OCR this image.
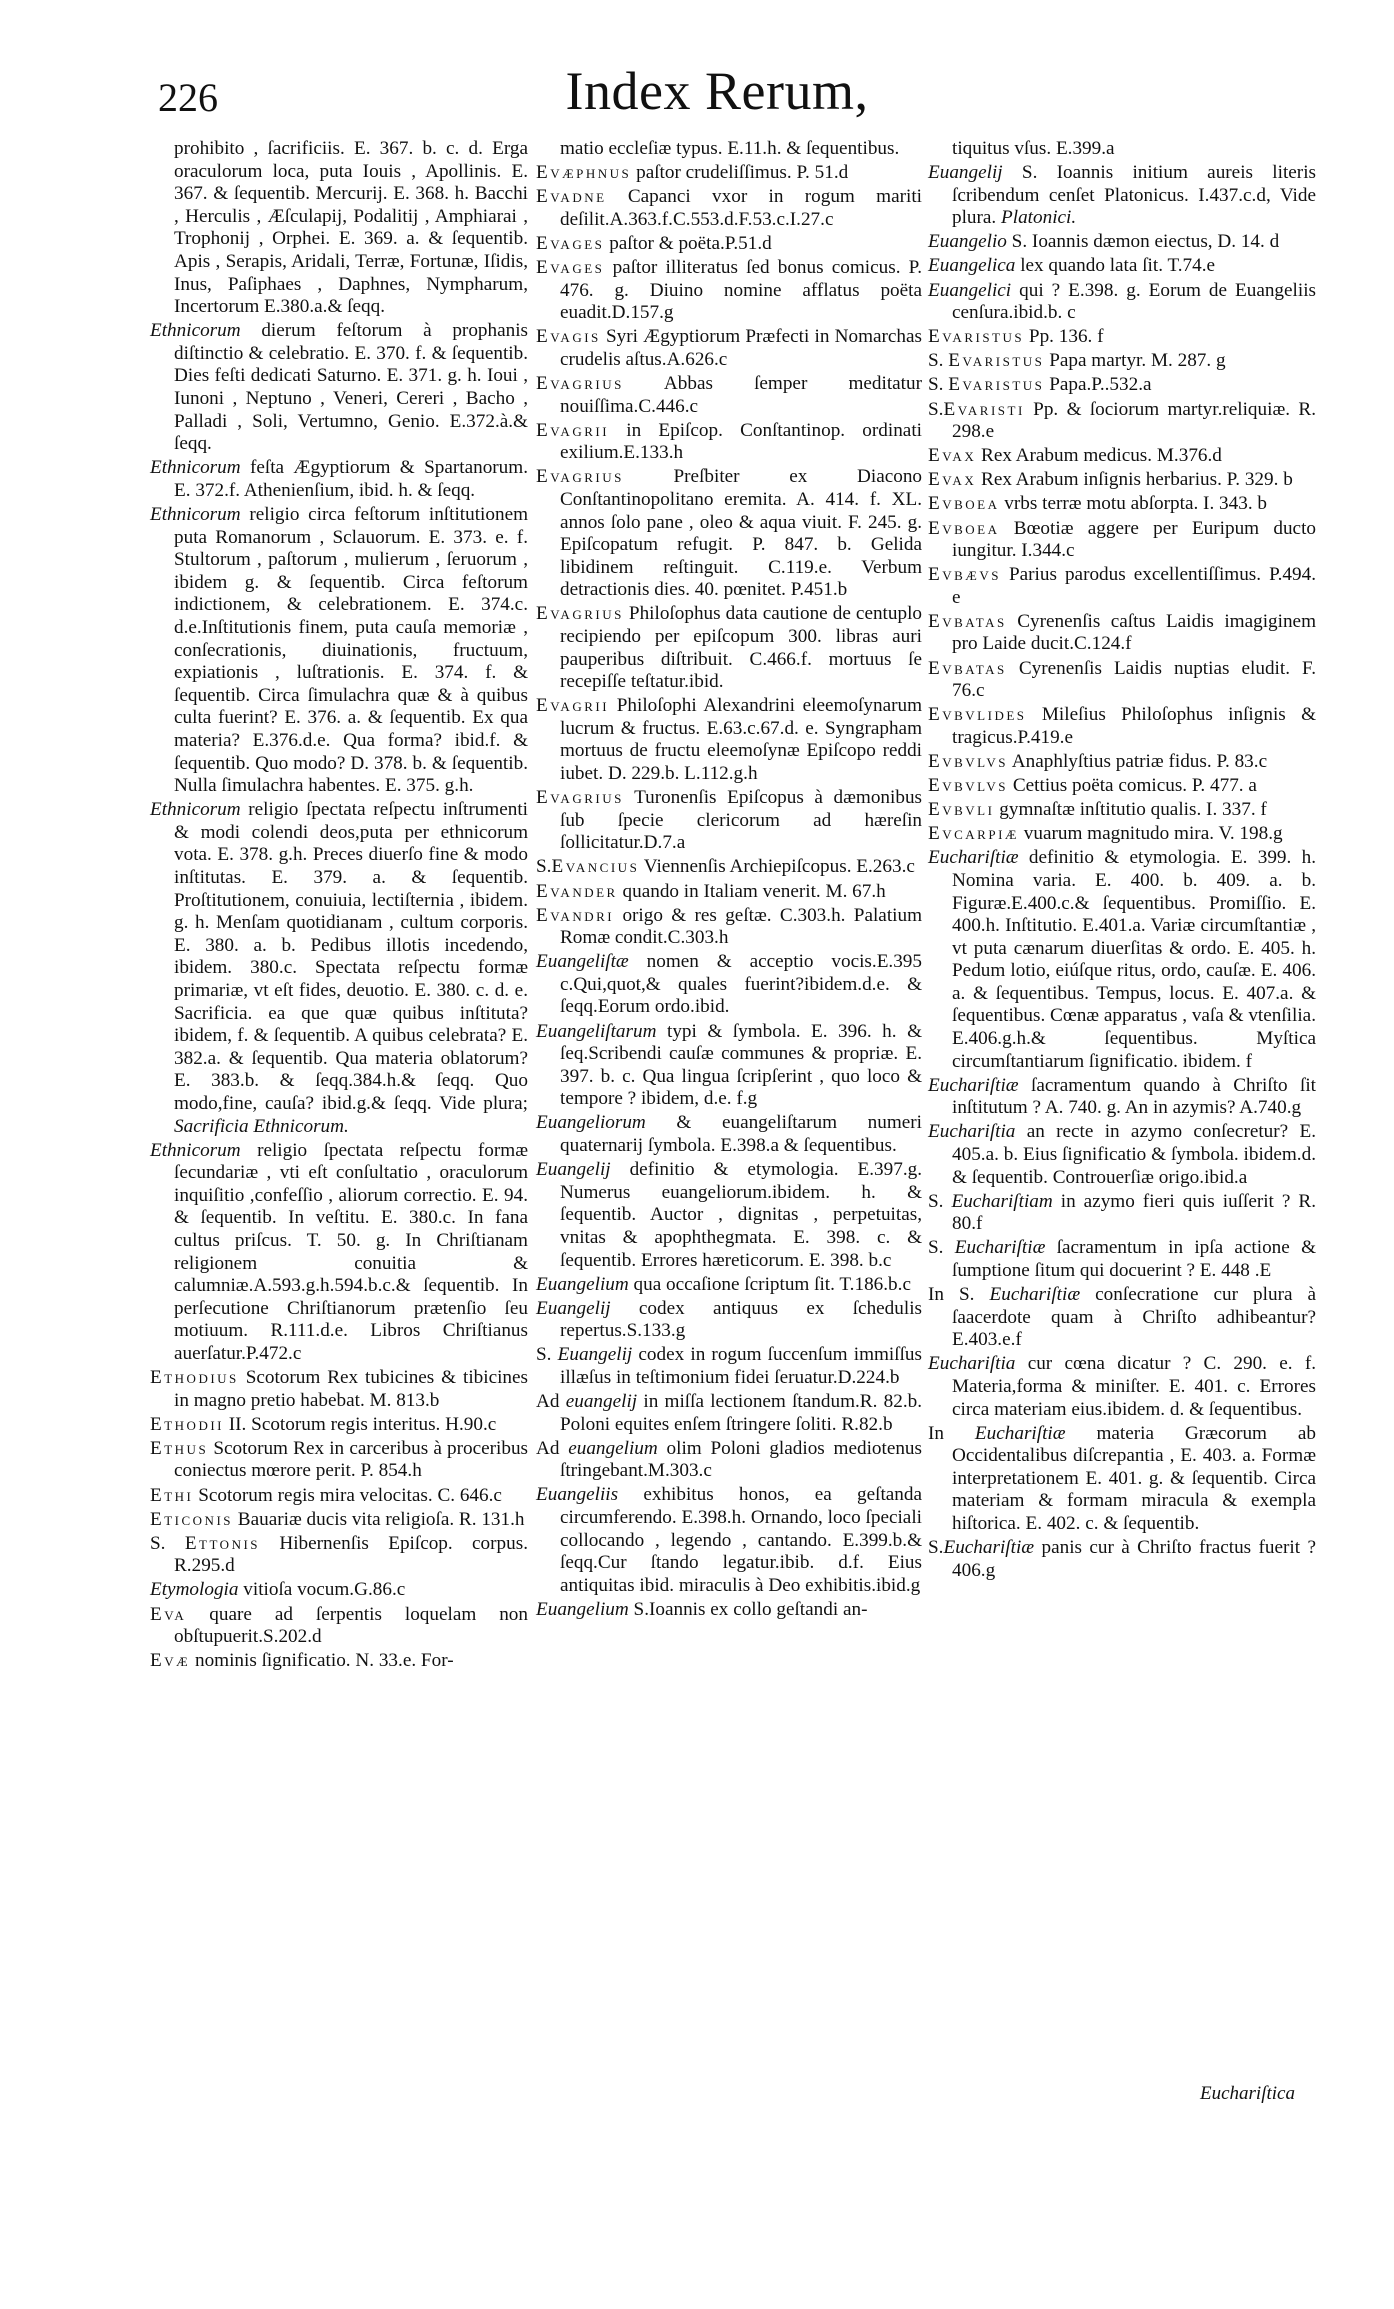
226	Index Rerum,

prohibito , ſacrificiis. E. 367. b. c. d. Erga oraculorum loca, puta Iouis , Apollinis. E. 367. & ſequentib. Mercurij. E. 368. h. Bacchi , Herculis , Æſculapij, Podalitij , Amphiarai , Trophonij , Orphei. E. 369. a. & ſequentib. Apis , Serapis, Aridali, Terræ, Fortunæ, Iſidis, Inus, Paſiphaes , Daphnes, Nympharum, Incertorum E.380.a.& ſeqq.

Ethnicorum dierum feſtorum à prophanis diſtinctio & celebratio. E. 370. f. & ſequentib. Dies feſti dedicati Saturno. E. 371. g. h. Ioui , Iunoni , Neptuno , Veneri, Cereri , Bacho , Palladi , Soli, Vertumno, Genio. E.372.à.& ſeqq.

Ethnicorum feſta Ægyptiorum & Spartanorum. E. 372.f. Athenienſium, ibid. h. & ſeqq.

Ethnicorum religio circa feſtorum inſtitutionem puta Romanorum , Sclauorum. E. 373. e. f. Stultorum , paſtorum , mulierum , ſeruorum , ibidem g. & ſequentib. Circa feſtorum indictionem, & celebrationem. E. 374.c. d.e.Inſtitutionis finem, puta cauſa memoriæ , conſecrationis, diuinationis, fructuum, expiationis , luſtrationis. E. 374. f. & ſequentib. Circa ſimulachra quæ & à quibus culta fuerint? E. 376. a. & ſequentib. Ex qua materia? E.376.d.e. Qua forma? ibid.f. & ſequentib. Quo modo? D. 378. b. & ſequentib. Nulla ſimulachra habentes. E. 375. g.h.

Ethnicorum religio ſpectata reſpectu inſtrumenti & modi colendi deos,puta per ethnicorum vota. E. 378. g.h. Preces diuerſo fine & modo inſtitutas. E. 379. a. & ſequentib. Proſtitutionem, conuiuia, lectiſternia , ibidem. g. h. Menſam quotidianam , cultum corporis. E. 380. a. b. Pedibus illotis incedendo, ibidem. 380.c. Spectata reſpectu formæ primariæ, vt eſt fides, deuotio. E. 380. c. d. e. Sacrificia. ea que quæ quibus inſtituta? ibidem, f. & ſequentib. A quibus celebrata? E. 382.a. & ſequentib. Qua materia oblatorum? E. 383.b. & ſeqq.384.h.& ſeqq. Quo modo,fine, cauſa? ibid.g.& ſeqq. Vide plura; Sacrificia Ethnicorum.

Ethnicorum religio ſpectata reſpectu formæ ſecundariæ , vti eſt conſultatio , oraculorum inquiſitio ,confeſſio , aliorum correctio. E. 94. & ſequentib. In veſtitu. E. 380.c. In fana cultus priſcus. T. 50. g. In Chriſtianam religionem conuitia & calumniæ.A.593.g.h.594.b.c.& ſequentib. In perſecutione Chriſtianorum prætenſio ſeu motiuum. R.111.d.e. Libros Chriſtianus auerſatur.P.472.c

Ethodius Scotorum Rex tubicines & tibicines in magno pretio habebat. M. 813.b

Ethodii II. Scotorum regis interitus. H.90.c

Ethus Scotorum Rex in carceribus à proceribus coniectus mœrore perit. P. 854.h

Ethi Scotorum regis mira velocitas. C. 646.c

Eticonis Bauariæ ducis vita religioſa. R. 131.h

S. Ettonis Hibernenſis Epiſcop. corpus. R.295.d

Etymologia vitioſa vocum.G.86.c

Eva quare ad ſerpentis loquelam non obſtupuerit.S.202.d

Evæ nominis ſignificatio. N. 33.e. For-

matio eccleſiæ typus. E.11.h. & ſequentibus.

Evæphnus paſtor crudeliſſimus. P. 51.d

Evadne Capanci vxor in rogum mariti deſilit.A.363.f.C.553.d.F.53.c.I.27.c

Evages paſtor & poëta.P.51.d

Evages paſtor illiteratus ſed bonus comicus. P. 476. g. Diuino nomine afflatus poëta euadit.D.157.g

Evagis Syri Ægyptiorum Præfecti in Nomarchas crudelis aſtus.A.626.c

Evagrius Abbas ſemper meditatur nouiſſima.C.446.c

Evagrii in Epiſcop. Conſtantinop. ordinati exilium.E.133.h

Evagrius	Preſbiter ex Diacono Conſtantinopolitano eremita. A. 414. f. XL. annos ſolo pane , oleo & aqua viuit. F. 245. g. Epiſcopatum refugit. P. 847. b. Gelida libidinem reſtinguit. C.119.e. Verbum detractionis dies. 40. pœnitet. P.451.b

Evagrius Philoſophus data cautione de centuplo recipiendo per epiſcopum 300. libras auri pauperibus diſtribuit. C.466.f. mortuus ſe recepiſſe teſtatur.ibid.

Evagrii Philoſophi Alexandrini eleemoſynarum lucrum & fructus. E.63.c.67.d. e. Syngrapham mortuus de fructu eleemoſynæ Epiſcopo reddi iubet. D. 229.b. L.112.g.h

Evagrius Turonenſis Epiſcopus à dæmonibus ſub ſpecie clericorum ad hæreſin ſollicitatur.D.7.a

S.Evancius Viennenſis Archiepiſcopus. E.263.c

Evander quando in Italiam venerit. M. 67.h

Evandri origo & res geſtæ. C.303.h. Palatium Romæ condit.C.303.h

Euangeliſtæ nomen & acceptio vocis.E.395 c.Qui,quot,& quales fuerint?ibidem.d.e. & ſeqq.Eorum ordo.ibid.

Euangeliſtarum typi & ſymbola. E. 396. h. & ſeq.Scribendi cauſæ communes & propriæ. E. 397. b. c. Qua lingua ſcripſerint , quo loco & tempore ? ibidem, d.e. f.g

Euangeliorum & euangeliſtarum numeri quaternarij ſymbola. E.398.a & ſequentibus.

Euangelij definitio & etymologia. E.397.g. Numerus euangeliorum.ibidem. h. & ſequentib. Auctor , dignitas , perpetuitas, vnitas & apophthegmata. E. 398. c. & ſequentib. Errores hæreticorum. E. 398. b.c

Euangelium qua occaſione ſcriptum ſit. T.186.b.c

Euangelij codex antiquus ex ſchedulis repertus.S.133.g

S. Euangelij codex in rogum ſuccenſum immiſſus illæſus in teſtimonium fidei ſeruatur.D.224.b

Ad euangelij in miſſa lectionem ſtandum.R. 82.b. Poloni equites enſem ſtringere ſoliti. R.82.b

Ad euangelium olim Poloni gladios mediotenus ſtringebant.M.303.c

Euangeliis exhibitus honos, ea geſtanda circumferendo. E.398.h. Ornando, loco ſpeciali collocando , legendo , cantando. E.399.b.& ſeqq.Cur ſtando legatur.ibib. d.f. Eius antiquitas ibid. miraculis à Deo exhibitis.ibid.g

Euangelium S.Ioannis ex collo geſtandi an-

tiquitus vſus. E.399.a

Euangelij S. Ioannis initium aureis literis ſcribendum cenſet Platonicus. I.437.c.d, Vide plura. Platonici.

Euangelio S. Ioannis dæmon eiectus, D. 14. d

Euangelica lex quando lata ſit. T.74.e

Euangelici qui ? E.398. g. Eorum de Euangeliis cenſura.ibid.b. c

Evaristus Pp. 136. f

S. Evaristus Papa martyr. M. 287. g

S. Evaristus Papa.P..532.a

S.Evaristi Pp. & ſociorum martyr.reliquiæ. R. 298.e

Evax Rex Arabum medicus. M.376.d

Evax Rex Arabum inſignis herbarius. P. 329. b

Evboea vrbs terræ motu abſorpta. I. 343. b

Evboea Bœotiæ aggere per Euripum ducto iungitur. I.344.c

Evbævs Parius parodus excellentiſſimus. P.494. e

Evbatas Cyrenenſis caſtus Laidis imagiginem pro Laide ducit.C.124.f

Evbatas Cyrenenſis Laidis nuptias eludit. F. 76.c

Evbvlides Mileſius Philoſophus inſignis & tragicus.P.419.e

Evbvlvs Anaphlyſtius patriæ fidus. P. 83.c

Evbvlvs Cettius poëta comicus. P. 477. a

Evbvli gymnaſtæ inſtitutio qualis. I. 337. f

Evcarpiæ vuarum magnitudo mira. V. 198.g

Euchariſtiæ definitio & etymologia. E. 399. h. Nomina varia. E. 400. b. 409. a. b. Figuræ.E.400.c.& ſequentibus. Promiſſio. E. 400.h. Inſtitutio. E.401.a. Variæ circumſtantiæ , vt puta cænarum diuerſitas & ordo. E. 405. h. Pedum lotio, eiúſque ritus, ordo, cauſæ. E. 406. a. & ſequentibus. Tempus, locus. E. 407.a. & ſequentibus. Cœnæ apparatus , vaſa & vtenſilia. E.406.g.h.& ſequentibus. Myſtica circumſtantiarum ſignificatio. ibidem. f

Euchariſtiæ ſacramentum quando à Chriſto ſit inſtitutum ? A. 740. g. An in azymis? A.740.g

Euchariſtia an recte in azymo conſecretur? E. 405.a. b. Eius ſignificatio & ſymbola. ibidem.d. & ſequentib. Controuerſiæ origo.ibid.a

S. Euchariſtiam in azymo fieri quis iuſſerit ? R. 80.f

S. Euchariſtiæ ſacramentum in ipſa actione & ſumptione ſitum qui docuerint ? E. 448 .E

In S. Euchariſtiæ conſecratione cur plura à ſaacerdote quam à Chriſto adhibeantur? E.403.e.f

Euchariſtia cur cœna dicatur ? C. 290. e. f. Materia,forma & miniſter. E. 401. c. Errores circa materiam eius.ibidem. d. & ſequentibus.

In Euchariſtiæ materia Græcorum ab Occidentalibus diſcrepantia , E. 403. a. Formæ interpretationem E. 401. g. & ſequentib. Circa materiam & formam miracula & exempla hiſtorica. E. 402. c. & ſequentib.

S.Euchariſtiæ panis cur à Chriſto fractus fuerit ? 406.g

Euchariſtica
